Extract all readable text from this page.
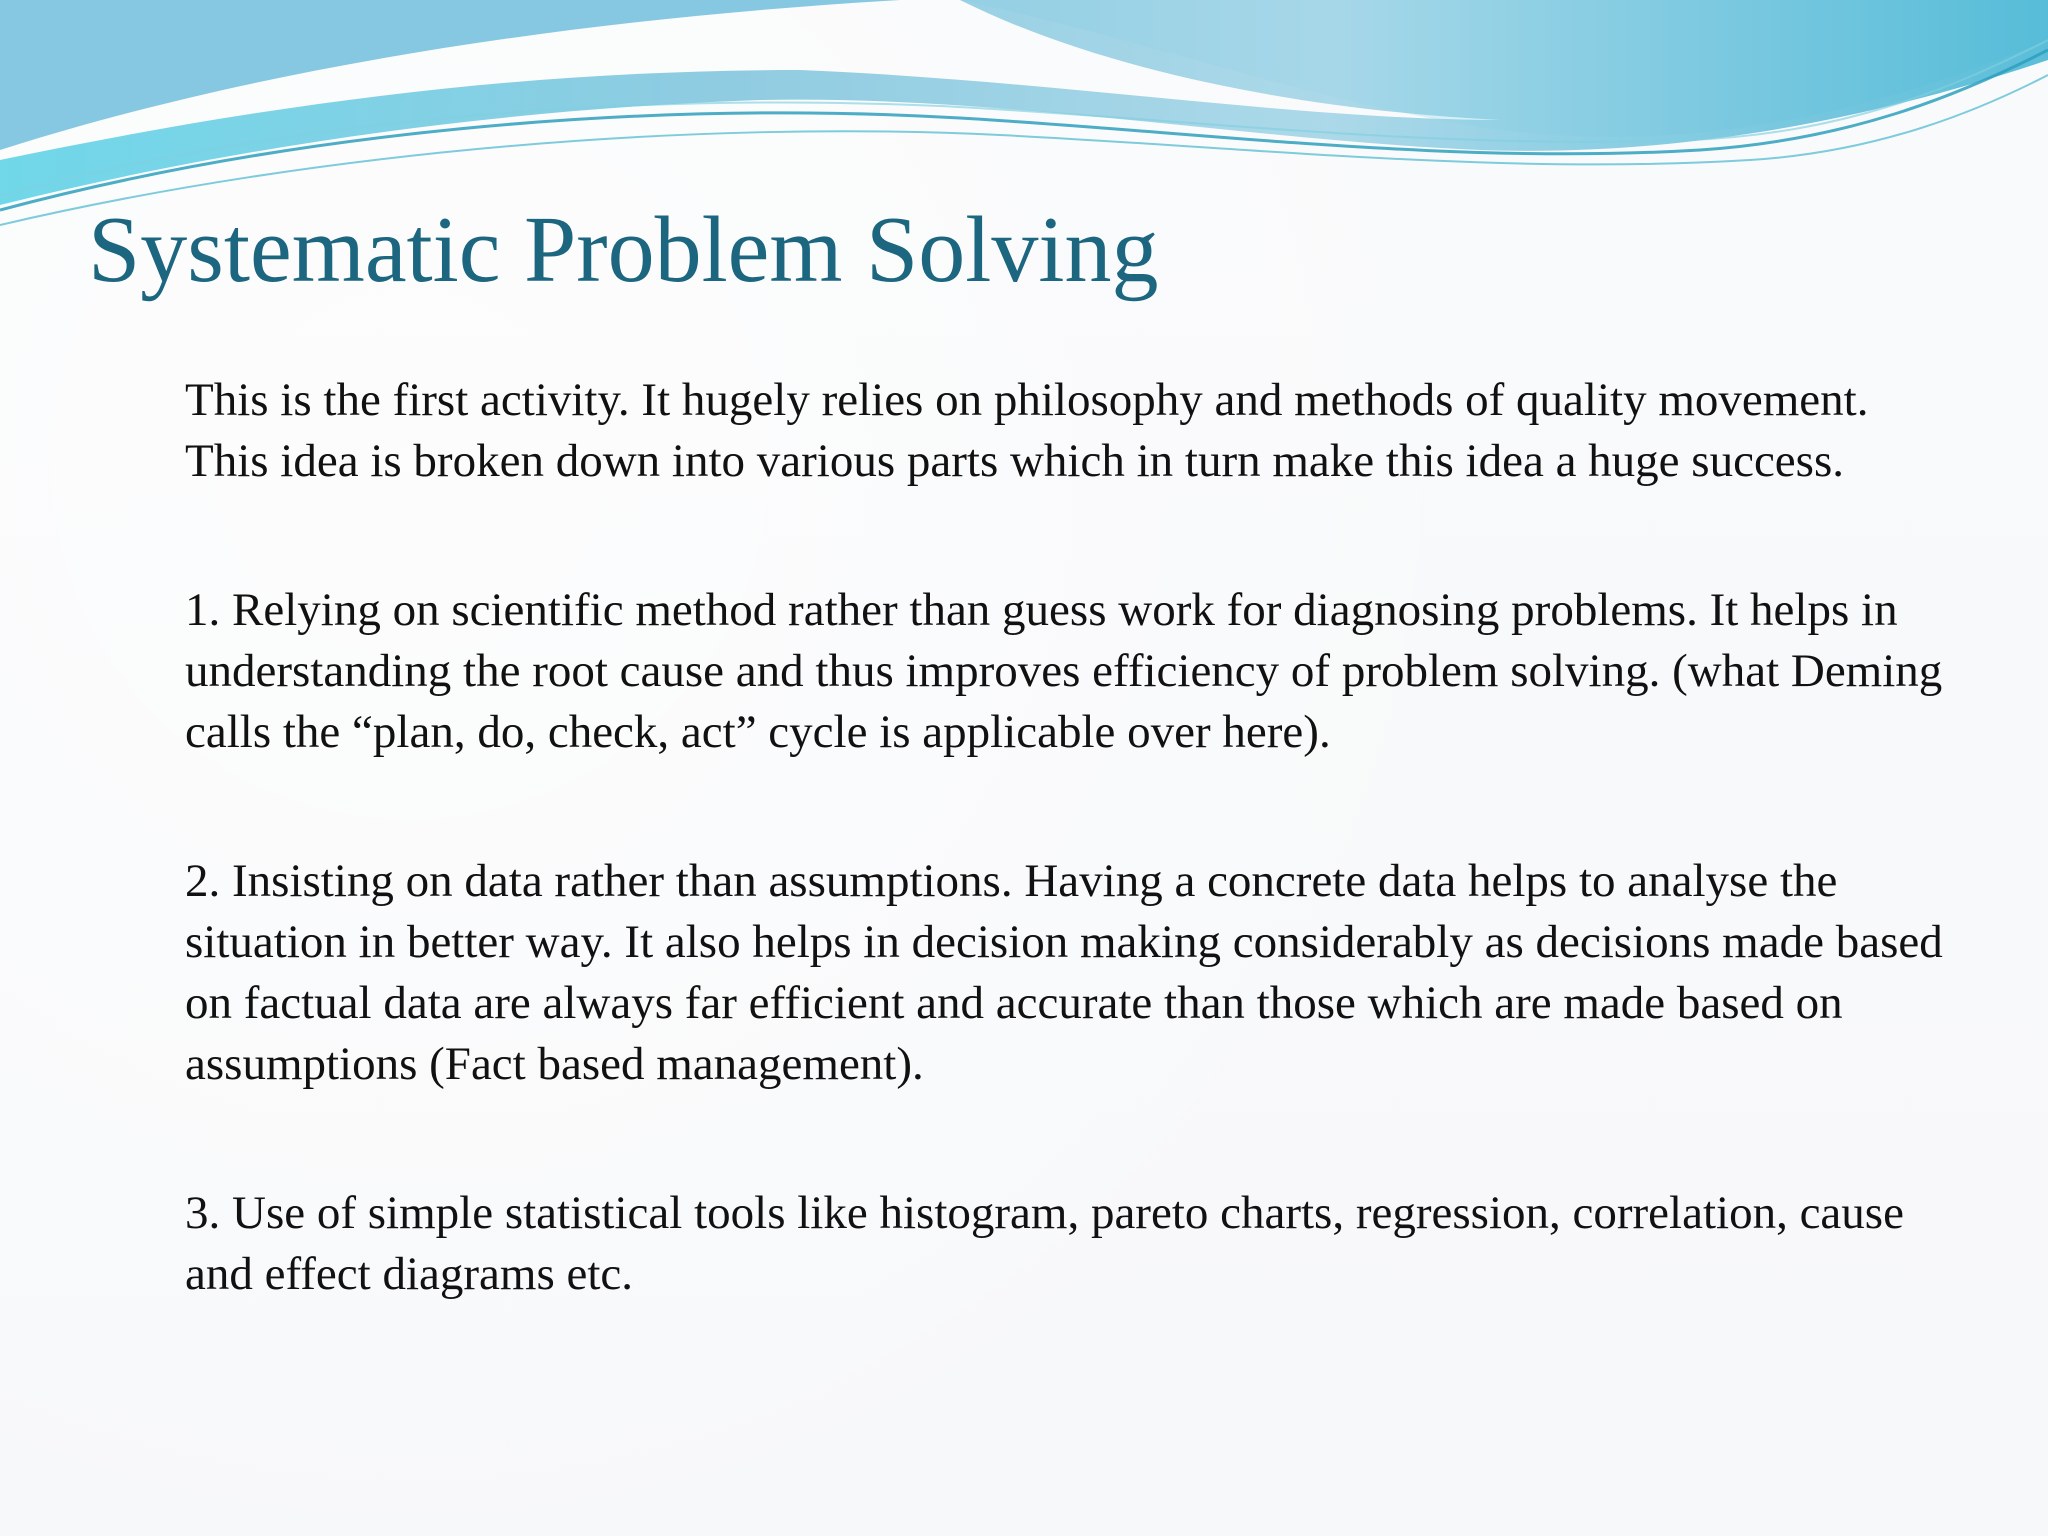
Systematic Problem Solving

This is the first activity. It hugely relies on philosophy and methods of quality movement. This idea is broken down into various parts which in turn make this idea a huge success.

1. Relying on scientific method rather than guess work for diagnosing problems. It helps in understanding the root cause and thus improves efficiency of problem solving. (what Deming calls the “plan, do, check, act” cycle is applicable over here).

2. Insisting on data rather than assumptions. Having a concrete data helps to analyse the situation in better way. It also helps in decision making considerably as decisions made based on factual data are always far efficient and accurate than those which are made based on assumptions (Fact based management).

3. Use of simple statistical tools like histogram, pareto charts, regression, correlation, cause and effect diagrams etc.
